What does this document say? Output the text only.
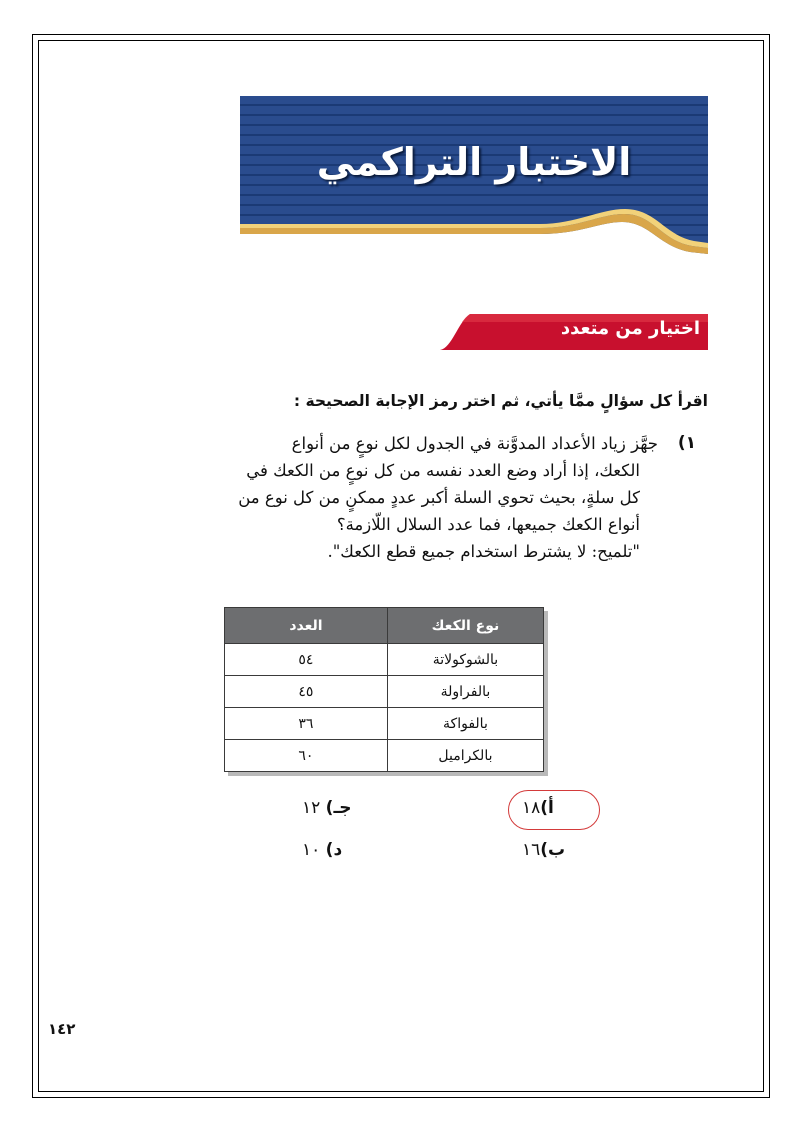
الاختبار التراكمي
اختيار من متعدد
اقرأ كل سؤالٍ ممَّا يأتي، ثم اختر رمز الإجابة الصحيحة :
١)
جهَّز زياد الأعداد المدوَّنة في الجدول لكل نوعٍ من أنواع
الكعك، إذا أراد وضع العدد نفسه من كل نوعٍ من الكعك في
كل سلةٍ، بحيث تحوي السلة أكبر عددٍ ممكنٍ من كل نوع من
أنواع الكعك جميعها، فما عدد السلال اللّازمة؟
"تلميح: لا يشترط استخدام جميع قطع الكعك".
نوع الكعك	العدد
بالشوكولاتة	٥٤
بالفراولة	٤٥
بالفواكة	٣٦
بالكراميل	٦٠
أ)١٨
ب)١٦
جـ) ١٢
د) ١٠
١٤٢
